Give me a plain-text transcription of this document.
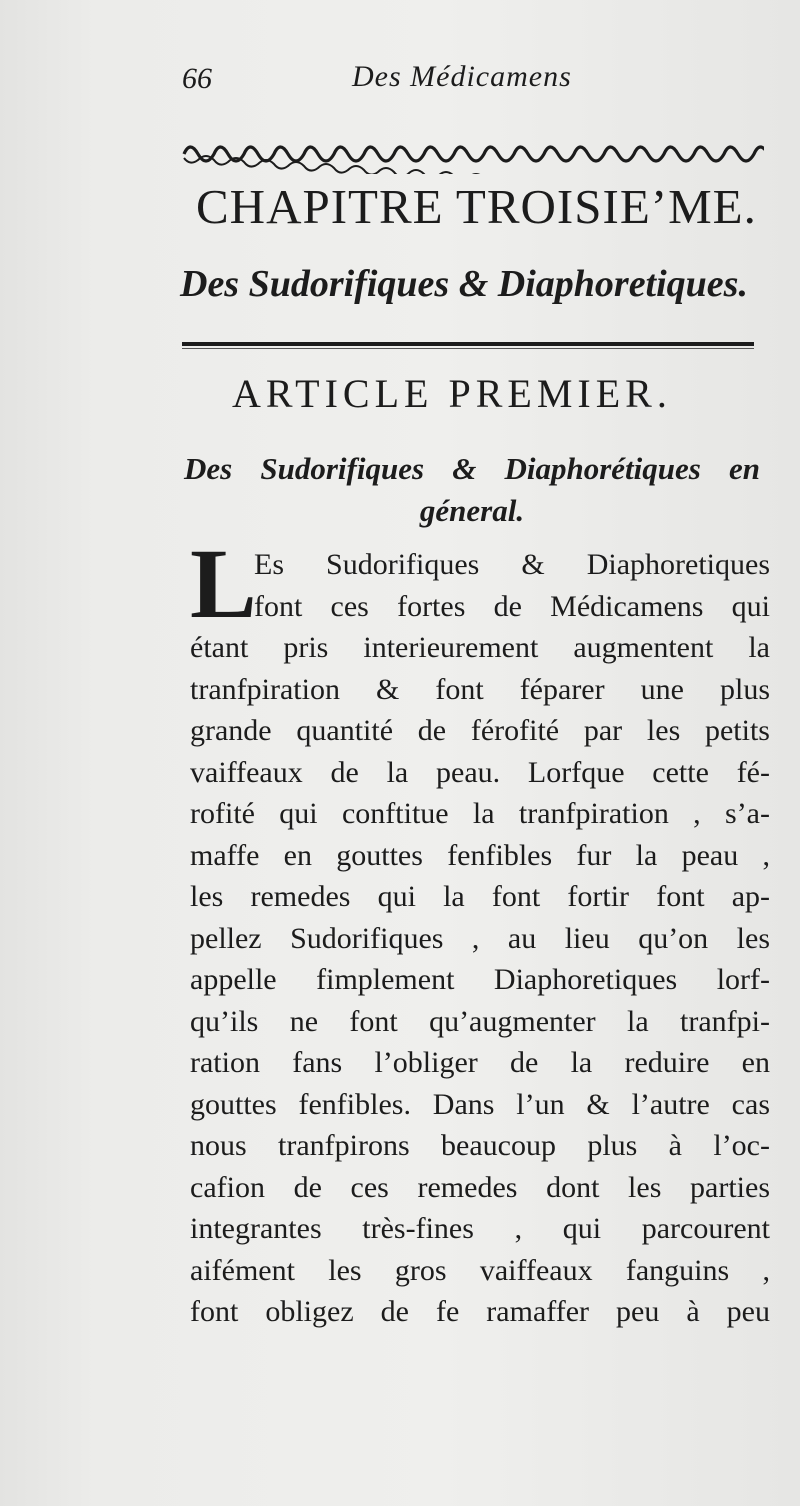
66	Des Médicamens
CHAPITRE TROISIE’ME.
Des Sudorifiques & Diaphoretiques.
ARTICLE PREMIER.
Des Sudorifiques & Diaphorétiques en
géneral.
L
Es Sudorifiques & Diaphoretiques
font ces fortes de Médicamens qui
étant pris interieurement augmentent la
tranfpiration & font féparer une plus
grande quantité de férofité par les petits
vaiffeaux de la peau. Lorfque cette fé-
rofité qui conftitue la tranfpiration , s’a-
maffe en gouttes fenfibles fur la peau ,
les remedes qui la font fortir font ap-
pellez Sudorifiques , au lieu qu’on les
appelle fimplement Diaphoretiques lorf-
qu’ils ne font qu’augmenter la tranfpi-
ration fans l’obliger de la reduire en
gouttes fenfibles. Dans l’un & l’autre cas
nous tranfpirons beaucoup plus à l’oc-
cafion de ces remedes dont les parties
integrantes très-fines , qui parcourent
aifément les gros vaiffeaux fanguins ,
font obligez de fe ramaffer peu à peu
